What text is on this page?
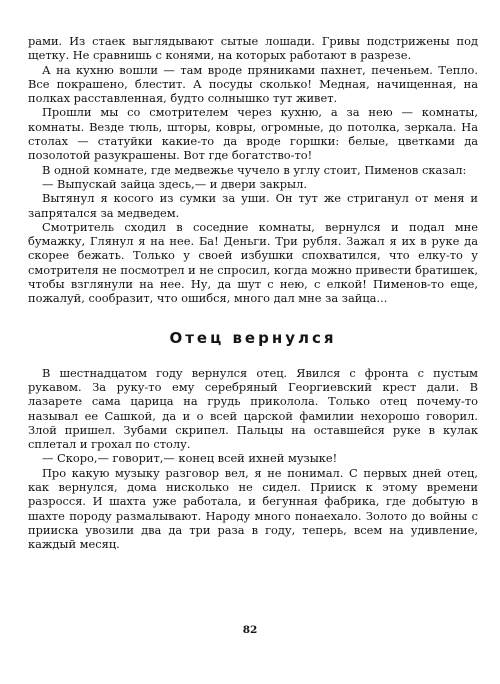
рами. Из стаек выглядывают сытые лошади. Гривы подстрижены под щетку. Не сравнишь с конями, на которых работают в разрезе.

А на кухню вошли — там вроде пряниками пахнет, печеньем. Тепло. Все покрашено, блестит. А посуды сколько! Медная, начищенная, на полках расставленная, будто солнышко тут живет.

Прошли мы со смотрителем через кухню, а за нею — комнаты, комнаты. Везде тюль, шторы, ковры, огромные, до потолка, зеркала. На столах — статуйки какие-то да вроде горшки: белые, цветками да позолотой разукрашены. Вот где богатство-то!

В одной комнате, где медвежье чучело в углу стоит, Пименов сказал:

— Выпускай зайца здесь,— и двери закрыл.

Вытянул я косого из сумки за уши. Он тут же стриганул от меня и запрятался за медведем.

Смотритель сходил в соседние комнаты, вернулся и подал мне бумажку, Глянул я на нее. Ба! Деньги. Три рубля. Зажал я их в руке да скорее бежать. Только у своей избушки спохватился, что елку-то у смотрителя не посмотрел и не спросил, когда можно привести братишек, чтобы взглянули на нее. Ну, да шут с нею, с елкой! Пименов-то еще, пожалуй, сообразит, что ошибся, много дал мне за зайца...

Отец вернулся

В шестнадцатом году вернулся отец. Явился с фронта с пустым рукавом. За руку-то ему серебряный Георгиевский крест дали. В лазарете сама царица на грудь приколола. Только отец почему-то называл ее Сашкой, да и о всей царской фамилии нехорошо говорил. Злой пришел. Зубами скрипел. Пальцы на оставшейся руке в кулак сплетал и грохал по столу.

— Скоро,— говорит,— конец всей ихней музыке!

Про какую музыку разговор вел, я не понимал. С первых дней отец, как вернулся, дома нисколько не сидел. Прииск к этому времени разросся. И шахта уже работала, и бегунная фабрика, где добытую в шахте породу размалывают. Народу много понаехало. Золото до войны с прииска увозили два да три раза в году, теперь, всем на удивление, каждый месяц.

82
